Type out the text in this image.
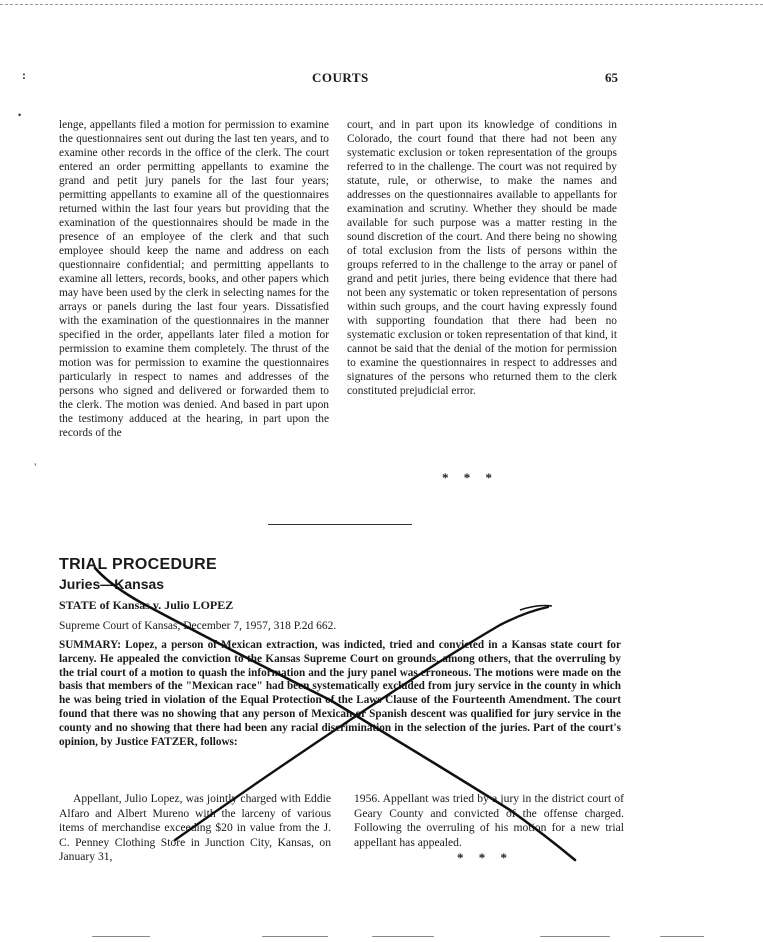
COURTS	65
:
•
'

lenge, appellants filed a motion for permission to examine the questionnaires sent out during the last ten years, and to examine other records in the office of the clerk. The court entered an order permitting appellants to examine the grand and petit jury panels for the last four years; permitting appellants to examine all of the questionnaires returned within the last four years but providing that the examination of the questionnaires should be made in the presence of an employee of the clerk and that such employee should keep the name and address on each questionnaire confidential; and permitting appellants to examine all letters, records, books, and other papers which may have been used by the clerk in selecting names for the arrays or panels during the last four years. Dissatisfied with the examination of the questionnaires in the manner specified in the order, appellants later filed a motion for permission to examine them completely. The thrust of the motion was for permission to examine the questionnaires particularly in respect to names and addresses of the persons who signed and delivered or forwarded them to the clerk. The motion was denied. And based in part upon the testimony adduced at the hearing, in part upon the records of the

court, and in part upon its knowledge of conditions in Colorado, the court found that there had not been any systematic exclusion or token representation of the groups referred to in the challenge. The court was not required by statute, rule, or otherwise, to make the names and addresses on the questionnaires available to appellants for examination and scrutiny. Whether they should be made available for such purpose was a matter resting in the sound discretion of the court. And there being no showing of total exclusion from the lists of persons within the groups referred to in the challenge to the array or panel of grand and petit juries, there being evidence that there had not been any systematic or token representation of persons within such groups, and the court having expressly found with supporting foundation that there had been no systematic exclusion or token representation of that kind, it cannot be said that the denial of the motion for permission to examine the questionnaires in respect to addresses and signatures of the persons who returned them to the clerk constituted prejudicial error.

* * *
TRIAL PROCEDURE
Juries—Kansas
STATE of Kansas v. Julio LOPEZ
Supreme Court of Kansas, December 7, 1957, 318 P.2d 662.

SUMMARY: Lopez, a person of Mexican extraction, was indicted, tried and convicted in a Kansas state court for larceny. He appealed the conviction to the Kansas Supreme Court on grounds, among others, that the overruling by the trial court of a motion to quash the information and the jury panel was erroneous. The motions were made on the basis that members of the "Mexican race" had been systematically excluded from jury service in the county in which he was being tried in violation of the Equal Protection of the Laws Clause of the Fourteenth Amendment. The court found that there was no showing that any person of Mexican or Spanish descent was qualified for jury service in the county and no showing that there had been any racial discrimination in the selection of the juries. Part of the court's opinion, by Justice FATZER, follows:

Appellant, Julio Lopez, was jointly charged with Eddie Alfaro and Albert Mureno with the larceny of various items of merchandise exceeding $20 in value from the J. C. Penney Clothing Store in Junction City, Kansas, on January 31,

1956. Appellant was tried by a jury in the district court of Geary County and convicted of the offense charged. Following the overruling of his motion for a new trial appellant has appealed.

* * *
